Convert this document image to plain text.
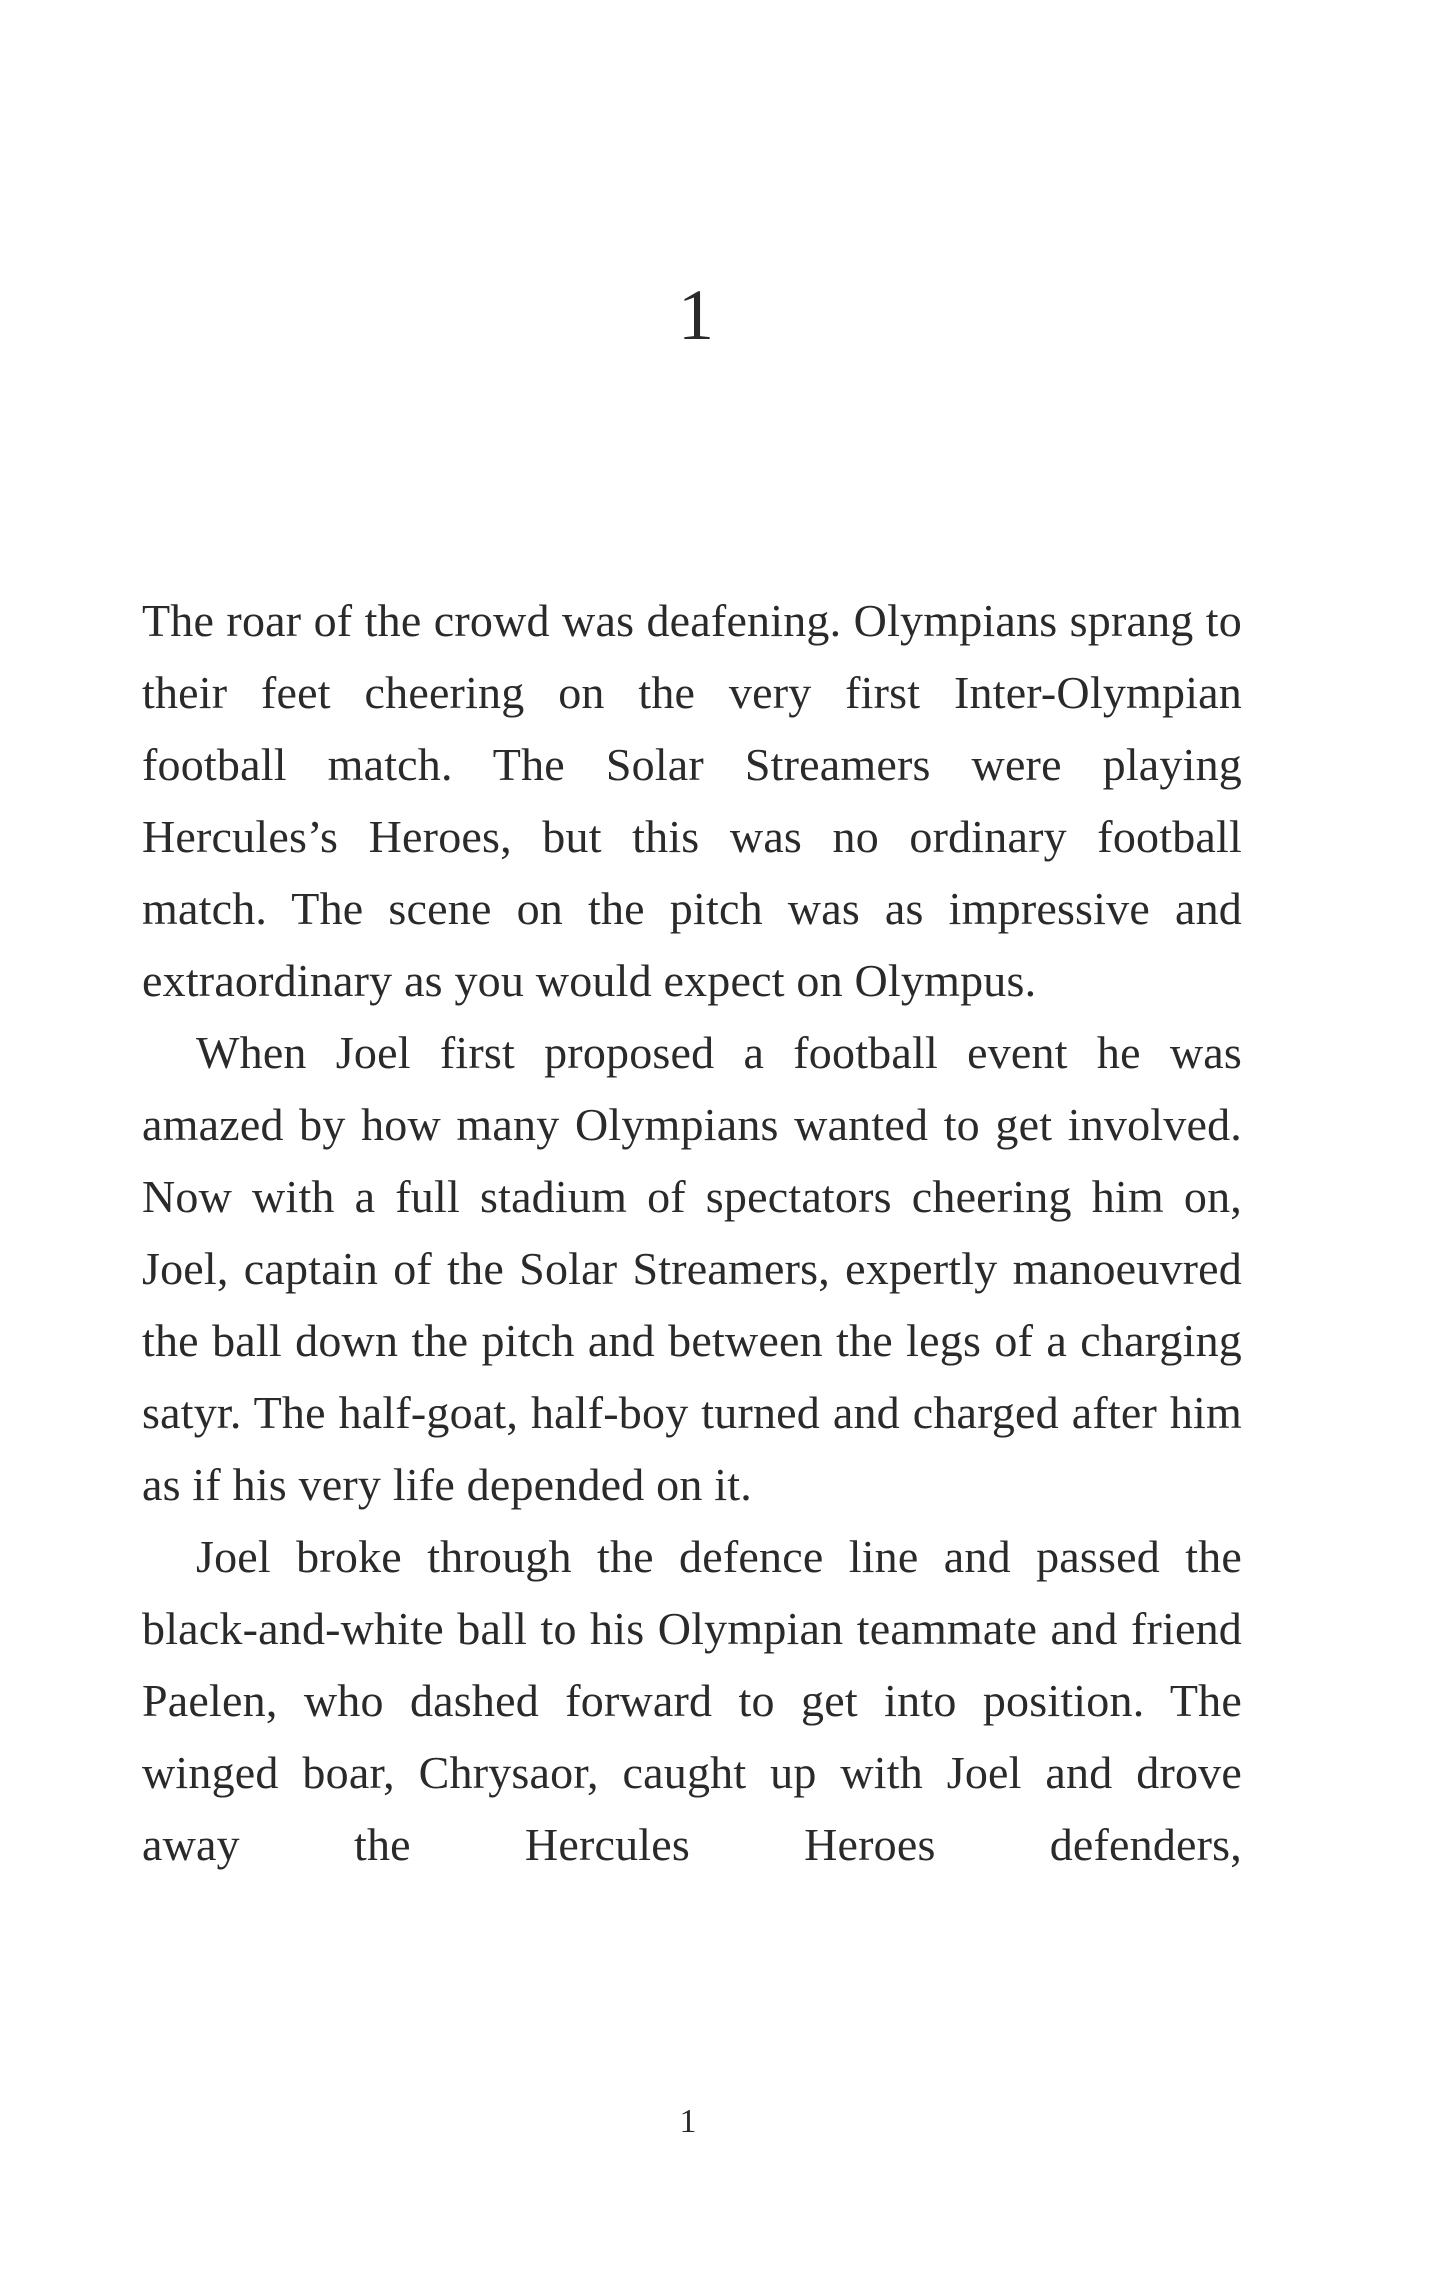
1

The roar of the crowd was deafening. Olympians sprang to their feet cheering on the very first Inter-Olympian football match. The Solar Streamers were playing Hercules’s Heroes, but this was no ordinary football match. The scene on the pitch was as impressive and extraordinary as you would expect on Olympus.

When Joel first proposed a football event he was amazed by how many Olympians wanted to get involved. Now with a full stadium of spectators cheering him on, Joel, captain of the Solar Streamers, expertly manoeuvred the ball down the pitch and between the legs of a charging satyr. The half-goat, half-boy turned and charged after him as if his very life depended on it.

Joel broke through the defence line and passed the black-and-white ball to his Olympian teammate and friend Paelen, who dashed forward to get into position. The winged boar, Chrysaor, caught up with Joel and drove away the Hercules Heroes defenders,

1
